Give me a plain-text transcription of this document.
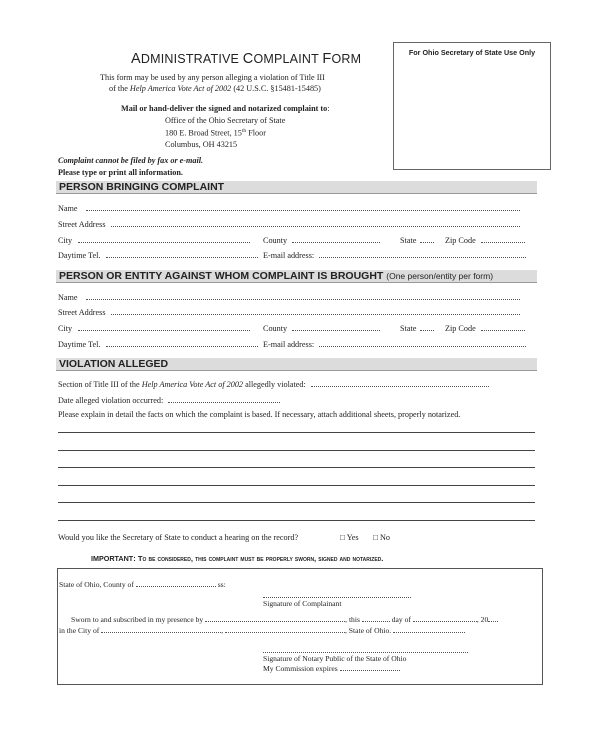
ADMINISTRATIVE COMPLAINT FORM	For Ohio Secretary of State Use Only
This form may be used by any person alleging a violation of Title III
of the Help America Vote Act of 2002 (42 U.S.C. §15481-15485)
Mail or hand-deliver the signed and notarized complaint to:
Office of the Ohio Secretary of State
180 E. Broad Street, 15th Floor
Columbus, OH 43215
Complaint cannot be filed by fax or e-mail.
Please type or print all information.
PERSON BRINGING COMPLAINT
Name
Street Address
City	County	State	Zip Code
Daytime Tel.	E-mail address:
PERSON OR ENTITY AGAINST WHOM COMPLAINT IS BROUGHT (One person/entity per form)
Name
Street Address
City	County	State	Zip Code
Daytime Tel.	E-mail address:
VIOLATION ALLEGED
Section of Title III of the Help America Vote Act of 2002 allegedly violated:
Date alleged violation occurred:
Please explain in detail the facts on which the complaint is based. If necessary, attach additional sheets, properly notarized.
Would you like the Secretary of State to conduct a hearing on the record?	□ Yes □ No
IMPORTANT: To be considered, this complaint must be properly sworn, signed and notarized.
State of Ohio, County of	ss:
Signature of Complainant
Sworn to and subscribed in my presence by	, this	day of	, 20
in the City of	,	, State of Ohio.
Signature of Notary Public of the State of Ohio
My Commission expires
